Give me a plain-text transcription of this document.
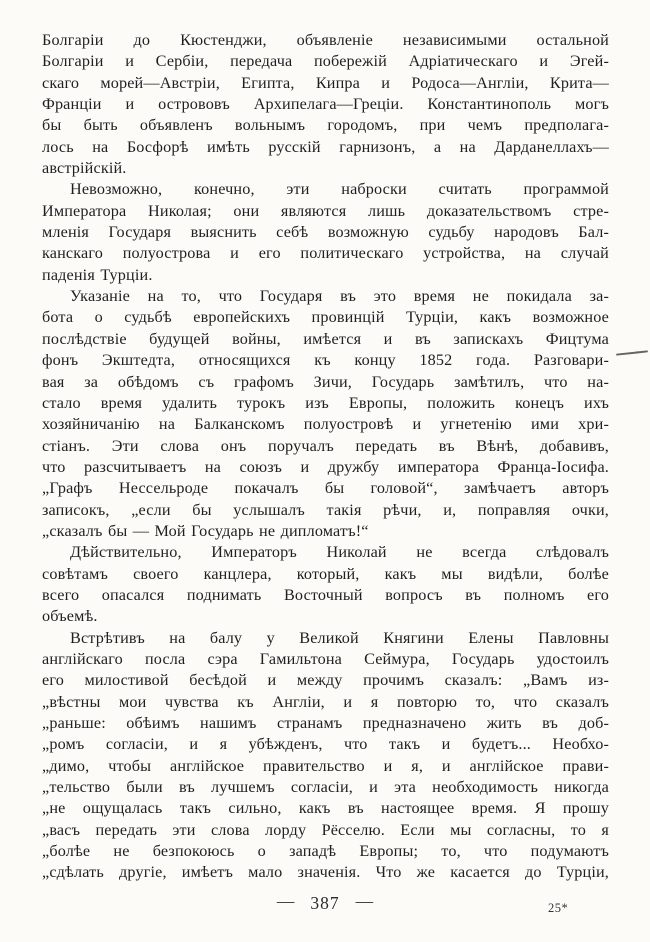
Болгаріи до Кюстенджи, объявленіе независимыми остальной
Болгаріи и Сербіи, передача побережій Адріатическаго и Эгей-
скаго морей—Австріи, Египта, Кипра и Родоса—Англіи, Крита—
Франціи и острововъ Архипелага—Греціи. Константинополь могъ
бы быть объявленъ вольнымъ городомъ, при чемъ предполага-
лось на Босфорѣ имѣть русскій гарнизонъ, а на Дарданеллахъ—
австрійскій.
Невозможно, конечно, эти наброски считать программой
Императора Николая; они являются лишь доказательствомъ стре-
мленія Государя выяснить себѣ возможную судьбу народовъ Бал-
канскаго полуострова и его политическаго устройства, на случай
паденія Турціи.
Указаніе на то, что Государя въ это время не покидала за-
бота о судьбѣ европейскихъ провинцій Турціи, какъ возможное
послѣдствіе будущей войны, имѣется и въ запискахъ Фицтума
фонъ Экштедта, относящихся къ концу 1852 года. Разговари-
вая за обѣдомъ съ графомъ Зичи, Государь замѣтилъ, что на-
стало время удалить турокъ изъ Европы, положить конецъ ихъ
хозяйничанію на Балканскомъ полуостровѣ и угнетенію ими хри-
стіанъ. Эти слова онъ поручалъ передать въ Вѣнѣ, добавивъ,
что разсчитываетъ на союзъ и дружбу императора Франца-Іосифа.
„Графъ Нессельроде покачалъ бы головой“, замѣчаетъ авторъ
записокъ, „если бы услышалъ такія рѣчи, и, поправляя очки,
„сказалъ бы — Мой Государь не дипломатъ!“
Дѣйствительно, Императоръ Николай не всегда слѣдовалъ
совѣтамъ своего канцлера, который, какъ мы видѣли, болѣе
всего опасался поднимать Восточный вопросъ въ полномъ его
объемѣ.
Встрѣтивъ на балу у Великой Княгини Елены Павловны
англійскаго посла сэра Гамильтона Сеймура, Государь удостоилъ
его милостивой бесѣдой и между прочимъ сказалъ: „Вамъ из-
„вѣстны мои чувства къ Англіи, и я повторю то, что сказалъ
„раньше: обѣимъ нашимъ странамъ предназначено жить въ доб-
„ромъ согласіи, и я убѣжденъ, что такъ и будетъ... Необхо-
„димо, чтобы англійское правительство и я, и англійское прави-
„тельство были въ лучшемъ согласіи, и эта необходимость никогда
„не ощущалась такъ сильно, какъ въ настоящее время. Я прошу
„васъ передать эти слова лорду Рёсселю. Если мы согласны, то я
„болѣе не безпокоюсь о западѣ Европы; то, что подумаютъ
„сдѣлать другіе, имѣетъ мало значенія. Что же касается до Турціи,
— 387 —	25*
